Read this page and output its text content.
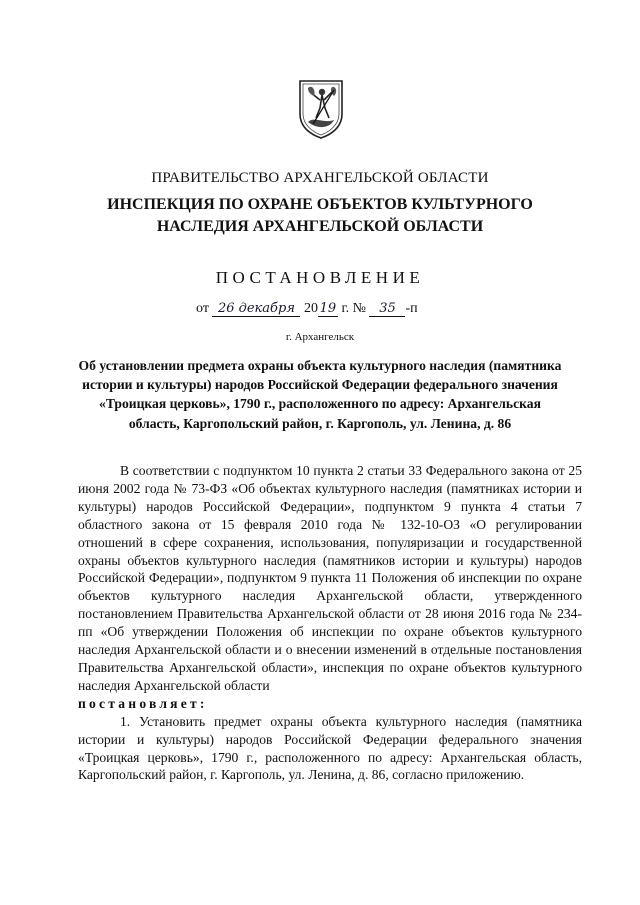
ПРАВИТЕЛЬСТВО АРХАНГЕЛЬСКОЙ ОБЛАСТИ
ИНСПЕКЦИЯ ПО ОХРАНЕ ОБЪЕКТОВ КУЛЬТУРНОГО НАСЛЕДИЯ АРХАНГЕЛЬСКОЙ ОБЛАСТИ
ПОСТАНОВЛЕНИЕ
от 26 декабря 20 19 г. № 35 -п
г. Архангельск
Об установлении предмета охраны объекта культурного наследия (памятника истории и культуры) народов Российской Федерации федерального значения «Троицкая церковь», 1790 г., расположенного по адресу: Архангельская область, Каргопольский район, г. Каргополь, ул. Ленина, д. 86

В соответствии с подпунктом 10 пункта 2 статьи 33 Федерального закона от 25 июня 2002 года № 73-ФЗ «Об объектах культурного наследия (памятниках истории и культуры) народов Российской Федерации», подпунктом 9 пункта 4 статьи 7 областного закона от 15 февраля 2010 года № 132-10-ОЗ «О регулировании отношений в сфере сохранения, использования, популяризации и государственной охраны объектов культурного наследия (памятников истории и культуры) народов Российской Федерации», подпунктом 9 пункта 11 Положения об инспекции по охране объектов культурного наследия Архангельской области, утвержденного постановлением Правительства Архангельской области от 28 июня 2016 года № 234-пп «Об утверждении Положения об инспекции по охране объектов культурного наследия Архангельской области и о внесении изменений в отдельные постановления Правительства Архангельской области», инспекция по охране объектов культурного наследия Архангельской области

постановляет:

1. Установить предмет охраны объекта культурного наследия (памятника истории и культуры) народов Российской Федерации федерального значения «Троицкая церковь», 1790 г., расположенного по адресу: Архангельская область, Каргопольский район, г. Каргополь, ул. Ленина, д. 86, согласно приложению.
